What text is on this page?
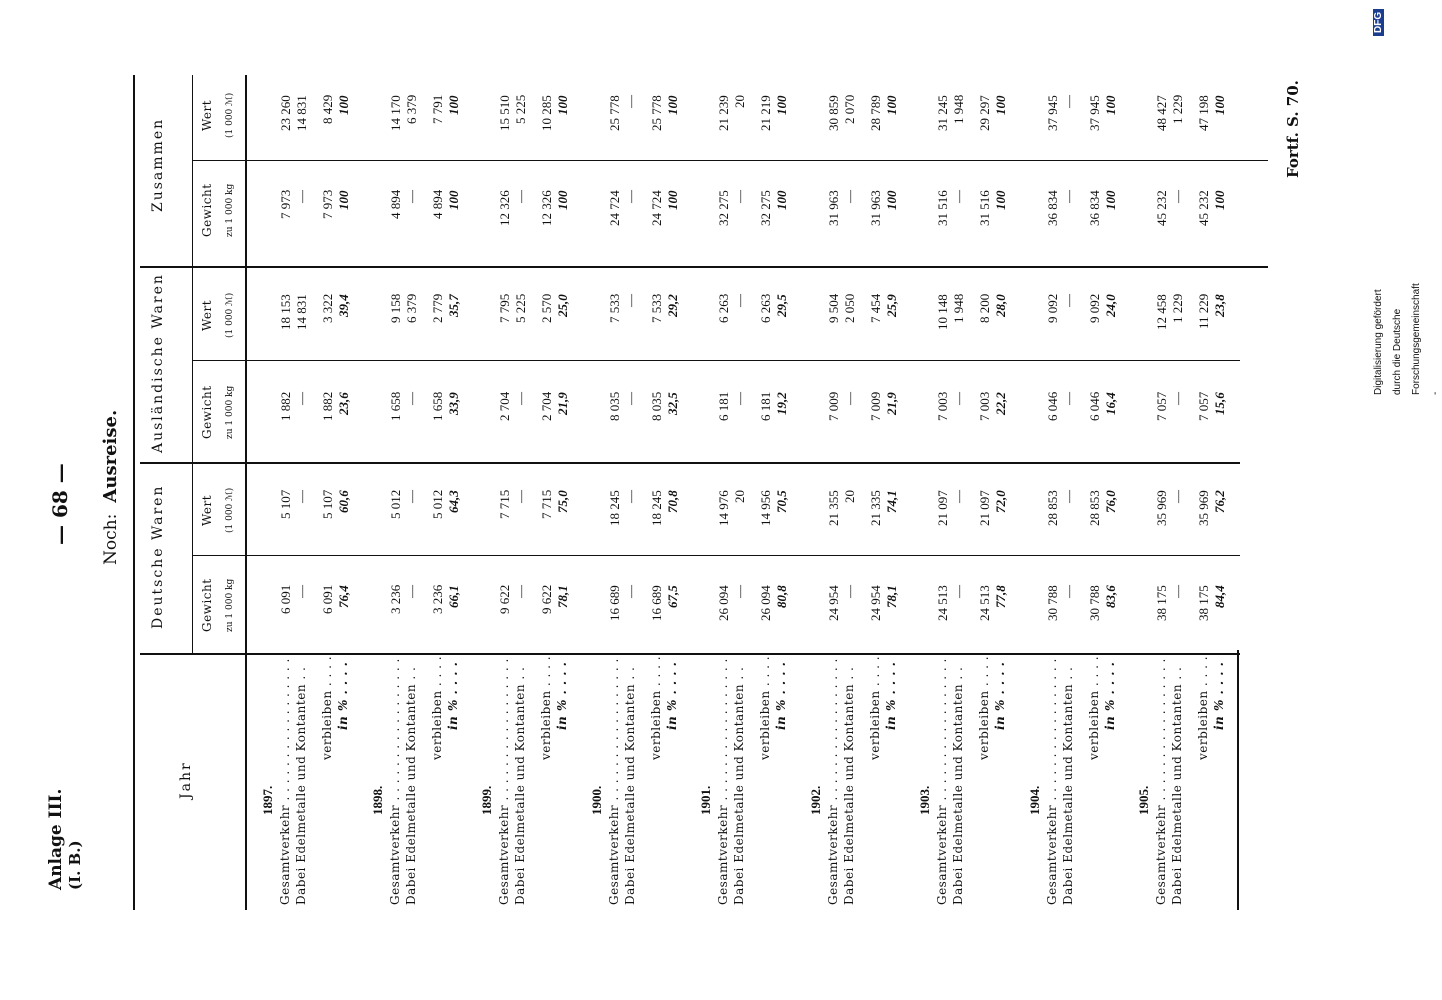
Anlage III. (I. B.)
— 68 — Noch: Ausreise.
Fortf. S. 70.
Digitalisierung gefördert durch die Deutsche Forschungsgemeinschaft -
DFG
Jahr
Deutsche Waren
Ausländische Waren
Zusammen
Gewicht zu 1 000 kg
Wert (1 000 ℳ)
Gewicht zu 1 000 kg
Wert (1 000 ℳ)
Gewicht zu 1 000 kg
Wert (1 000 ℳ)
1897. Gesamtverkehr . . . . . . . . . . . . . . . . . Dabei Edelmetalle und Kontanten . . verbleiben . . . . in % . . . .
6 091 — 6 091 76,4
5 107 — 5 107 60,6
1 882 — 1 882 23,6
18 153 14 831 3 322 39,4
7 973 — 7 973 100
23 260 14 831 8 429 100
1898. Gesamtverkehr . . . . . . . . . . . . . . . . . Dabei Edelmetalle und Kontanten . . verbleiben . . . . in % . . . .
3 236 — 3 236 66,1
5 012 — 5 012 64,3
1 658 — 1 658 33,9
9 158 6 379 2 779 35,7
4 894 — 4 894 100
14 170 6 379 7 791 100
1899. Gesamtverkehr . . . . . . . . . . . . . . . . . Dabei Edelmetalle und Kontanten . . verbleiben . . . . in % . . . .
9 622 — 9 622 78,1
7 715 — 7 715 75,0
2 704 — 2 704 21,9
7 795 5 225 2 570 25,0
12 326 — 12 326 100
15 510 5 225 10 285 100
1900. Gesamtverkehr . . . . . . . . . . . . . . . . . Dabei Edelmetalle und Kontanten . . verbleiben . . . . in % . . . .
16 689 — 16 689 67,5
18 245 — 18 245 70,8
8 035 — 8 035 32,5
7 533 — 7 533 29,2
24 724 — 24 724 100
25 778 — 25 778 100
1901. Gesamtverkehr . . . . . . . . . . . . . . . . . Dabei Edelmetalle und Kontanten . . verbleiben . . . . in % . . . .
26 094 — 26 094 80,8
14 976 20 14 956 70,5
6 181 — 6 181 19,2
6 263 — 6 263 29,5
32 275 — 32 275 100
21 239 20 21 219 100
1902. Gesamtverkehr . . . . . . . . . . . . . . . . . Dabei Edelmetalle und Kontanten . . verbleiben . . . . in % . . . .
24 954 — 24 954 78,1
21 355 20 21 335 74,1
7 009 — 7 009 21,9
9 504 2 050 7 454 25,9
31 963 — 31 963 100
30 859 2 070 28 789 100
1903. Gesamtverkehr . . . . . . . . . . . . . . . . . Dabei Edelmetalle und Kontanten . . verbleiben . . . . in % . . . .
24 513 — 24 513 77,8
21 097 — 21 097 72,0
7 003 — 7 003 22,2
10 148 1 948 8 200 28,0
31 516 — 31 516 100
31 245 1 948 29 297 100
1904. Gesamtverkehr . . . . . . . . . . . . . . . . . Dabei Edelmetalle und Kontanten . . verbleiben . . . . in % . . . .
30 788 — 30 788 83,6
28 853 — 28 853 76,0
6 046 — 6 046 16,4
9 092 — 9 092 24,0
36 834 — 36 834 100
37 945 — 37 945 100
1905. Gesamtverkehr . . . . . . . . . . . . . . . . . Dabei Edelmetalle und Kontanten . . verbleiben . . . . in % . . . .
38 175 — 38 175 84,4
35 969 — 35 969 76,2
7 057 — 7 057 15,6
12 458 1 229 11 229 23,8
45 232 — 45 232 100
48 427 1 229 47 198 100
